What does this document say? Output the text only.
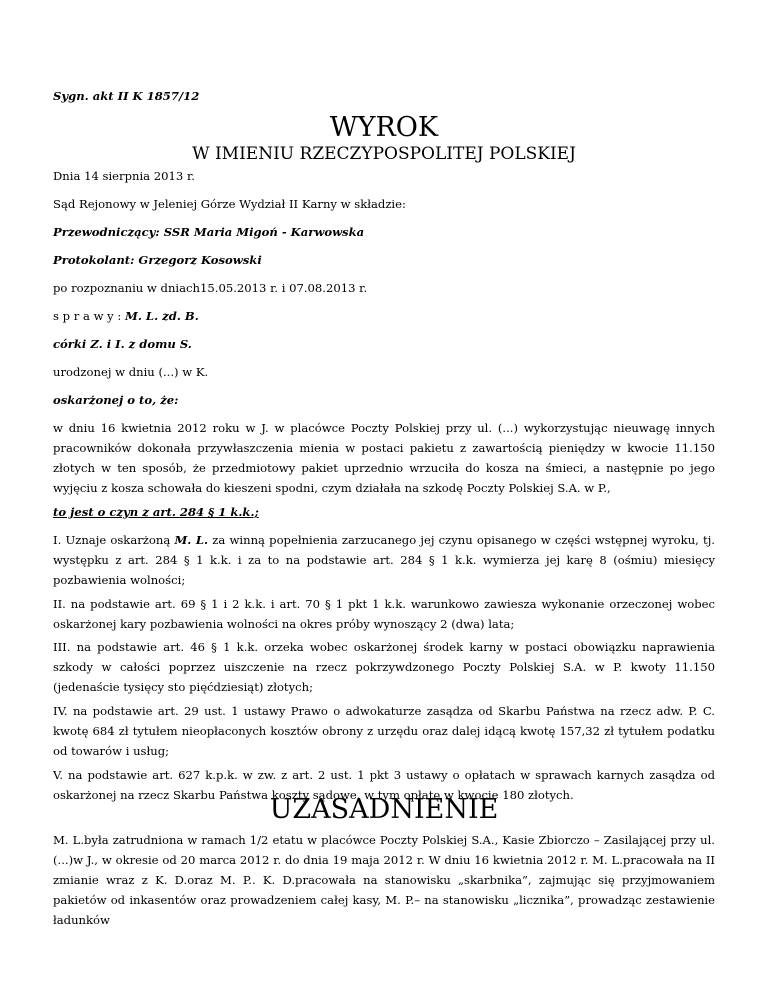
Sygn. akt II K 1857/12

WYROK

W IMIENIU RZECZYPOSPOLITEJ POLSKIEJ

Dnia 14 sierpnia 2013 r.

Sąd Rejonowy w Jeleniej Górze Wydział II Karny w składzie:

Przewodniczący: SSR Maria Migoń - Karwowska

Protokolant: Grzegorz Kosowski

po rozpoznaniu w dniach15.05.2013 r. i 07.08.2013 r.

s p r a w y : M. L. zd. B.

córki Z. i I. z domu S.

urodzonej w dniu (...) w K.

oskarżonej o to, że:

w dniu 16 kwietnia 2012 roku w J. w placówce Poczty Polskiej przy ul. (...) wykorzystując nieuwagę innych pracowników dokonała przywłaszczenia mienia w postaci pakietu z zawartością pieniędzy w kwocie 11.150 złotych w ten sposób, że przedmiotowy pakiet uprzednio wrzuciła do kosza na śmieci, a następnie po jego wyjęciu z kosza schowała do kieszeni spodni, czym działała na szkodę Poczty Polskiej S.A. w P.,

to jest o czyn z art. 284 § 1 k.k.;

I. Uznaje oskarżoną M. L. za winną popełnienia zarzucanego jej czynu opisanego w części wstępnej wyroku, tj. występku z art. 284 § 1 k.k. i za to na podstawie art. 284 § 1 k.k. wymierza jej karę 8 (ośmiu) miesięcy pozbawienia wolności;

II. na podstawie art. 69 § 1 i 2 k.k. i art. 70 § 1 pkt 1 k.k. warunkowo zawiesza wykonanie orzeczonej wobec oskarżonej kary pozbawienia wolności na okres próby wynoszący 2 (dwa) lata;

III. na podstawie art. 46 § 1 k.k. orzeka wobec oskarżonej środek karny w postaci obowiązku naprawienia szkody w całości poprzez uiszczenie na rzecz pokrzywdzonego Poczty Polskiej S.A. w P. kwoty 11.150 (jedenaście tysięcy sto pięćdziesiąt) złotych;

IV. na podstawie art. 29 ust. 1 ustawy Prawo o adwokaturze zasądza od Skarbu Państwa na rzecz adw. P. C. kwotę 684 zł tytułem nieopłaconych kosztów obrony z urzędu oraz dalej idącą kwotę 157,32 zł tytułem podatku od towarów i usług;

V. na podstawie art. 627 k.p.k. w zw. z art. 2 ust. 1 pkt 3 ustawy o opłatach w sprawach karnych zasądza od oskarżonej na rzecz Skarbu Państwa koszty sądowe, w tym opłatę w kwocie 180 złotych.

UZASADNIENIE

M. L.była zatrudniona w ramach 1/2 etatu w placówce Poczty Polskiej S.A., Kasie Zbiorczo – Zasilającej przy ul. (...)w J., w okresie od 20 marca 2012 r. do dnia 19 maja 2012 r. W dniu 16 kwietnia 2012 r. M. L.pracowała na II zmianie wraz z K. D.oraz M. P.. K. D.pracowała na stanowisku „skarbnika”, zajmując się przyjmowaniem pakietów od inkasentów oraz prowadzeniem całej kasy, M. P.– na stanowisku „licznika”, prowadząc zestawienie ładunków
